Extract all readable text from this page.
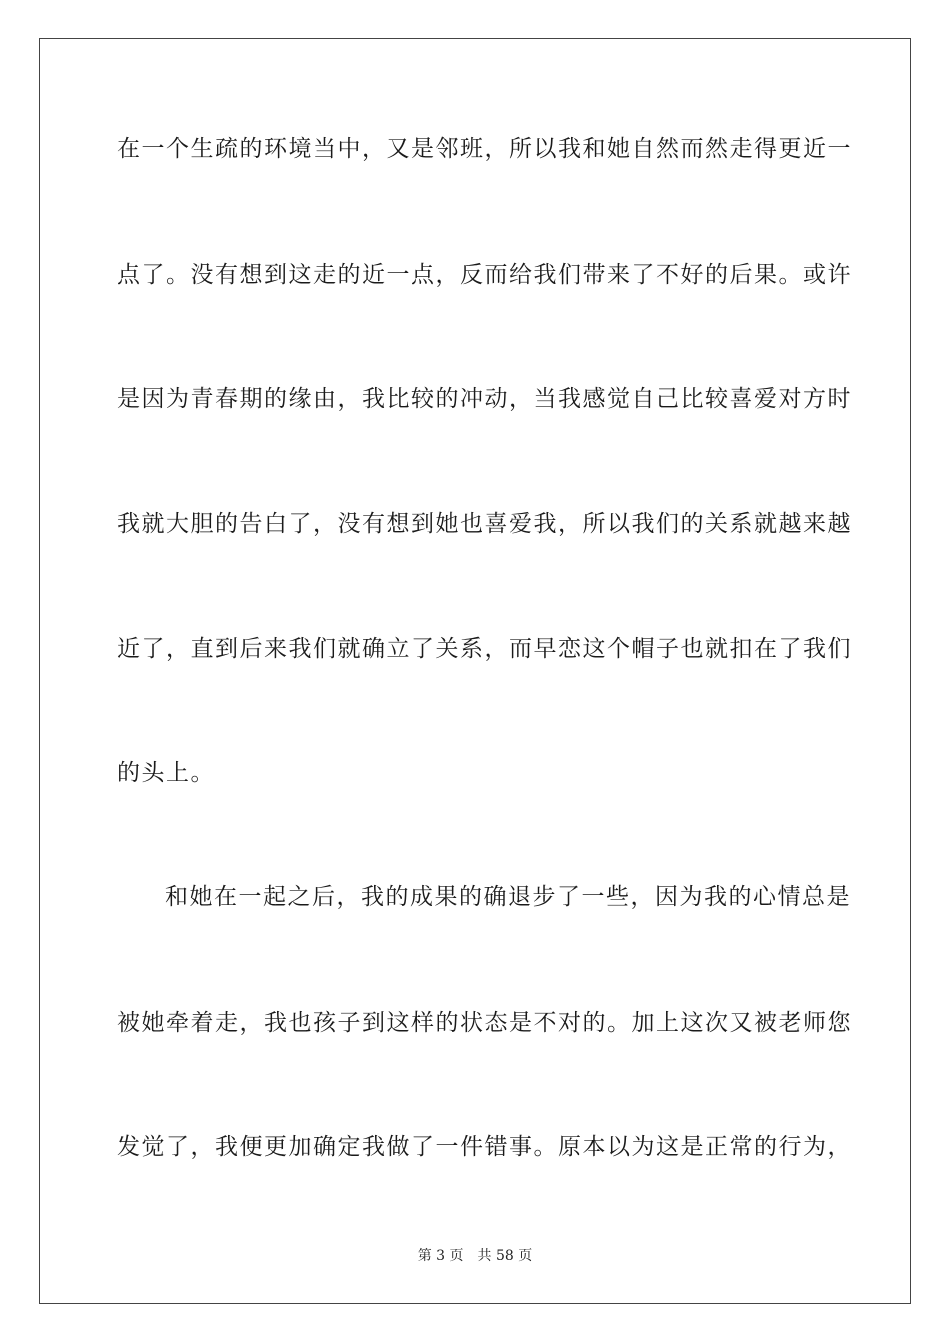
在一个生疏的环境当中，又是邻班，所以我和她自然而然走得更近一
点了。没有想到这走的近一点，反而给我们带来了不好的后果。或许
是因为青春期的缘由，我比较的冲动，当我感觉自己比较喜爱对方时
我就大胆的告白了，没有想到她也喜爱我，所以我们的关系就越来越
近了，直到后来我们就确立了关系，而早恋这个帽子也就扣在了我们
的头上。
和她在一起之后，我的成果的确退步了一些，因为我的心情总是
被她牵着走，我也孩子到这样的状态是不对的。加上这次又被老师您
发觉了，我便更加确定我做了一件错事。原本以为这是正常的行为，
第 3 页 共 58 页
